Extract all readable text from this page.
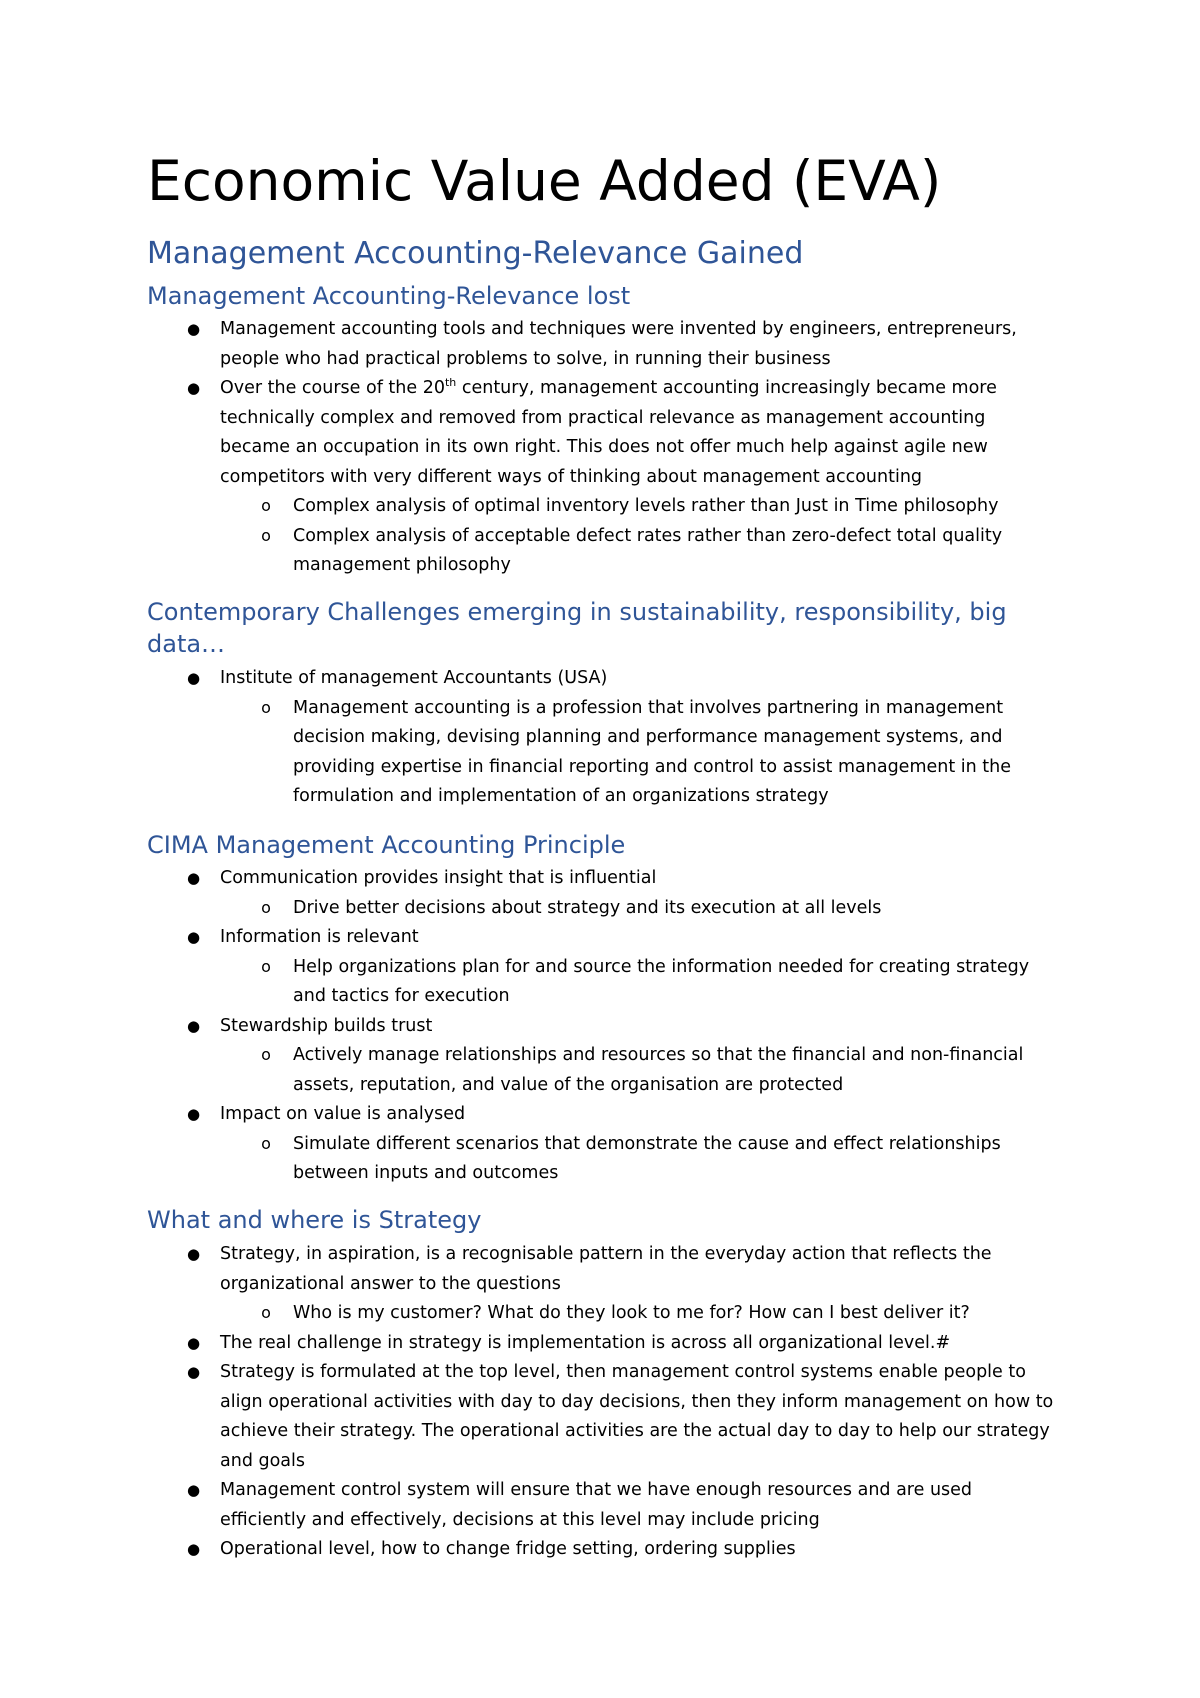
Economic Value Added (EVA)
Management Accounting-Relevance Gained
Management Accounting-Relevance lost
● Management accounting tools and techniques were invented by engineers, entrepreneurs, people who had practical problems to solve, in running their business
● Over the course of the 20th century, management accounting increasingly became more technically complex and removed from practical relevance as management accounting became an occupation in its own right. This does not offer much help against agile new competitors with very different ways of thinking about management accounting
o Complex analysis of optimal inventory levels rather than Just in Time philosophy
o Complex analysis of acceptable defect rates rather than zero-defect total quality management philosophy
Contemporary Challenges emerging in sustainability, responsibility, big data…
● Institute of management Accountants (USA)
o Management accounting is a profession that involves partnering in management decision making, devising planning and performance management systems, and providing expertise in financial reporting and control to assist management in the formulation and implementation of an organizations strategy
CIMA Management Accounting Principle
● Communication provides insight that is influential
o Drive better decisions about strategy and its execution at all levels
● Information is relevant
o Help organizations plan for and source the information needed for creating strategy and tactics for execution
● Stewardship builds trust
o Actively manage relationships and resources so that the financial and non-financial assets, reputation, and value of the organisation are protected
● Impact on value is analysed
o Simulate different scenarios that demonstrate the cause and effect relationships between inputs and outcomes
What and where is Strategy
● Strategy, in aspiration, is a recognisable pattern in the everyday action that reflects the organizational answer to the questions
o Who is my customer? What do they look to me for? How can I best deliver it?
● The real challenge in strategy is implementation is across all organizational level.#
● Strategy is formulated at the top level, then management control systems enable people to align operational activities with day to day decisions, then they inform management on how to achieve their strategy. The operational activities are the actual day to day to help our strategy and goals
● Management control system will ensure that we have enough resources and are used efficiently and effectively, decisions at this level may include pricing
● Operational level, how to change fridge setting, ordering supplies
